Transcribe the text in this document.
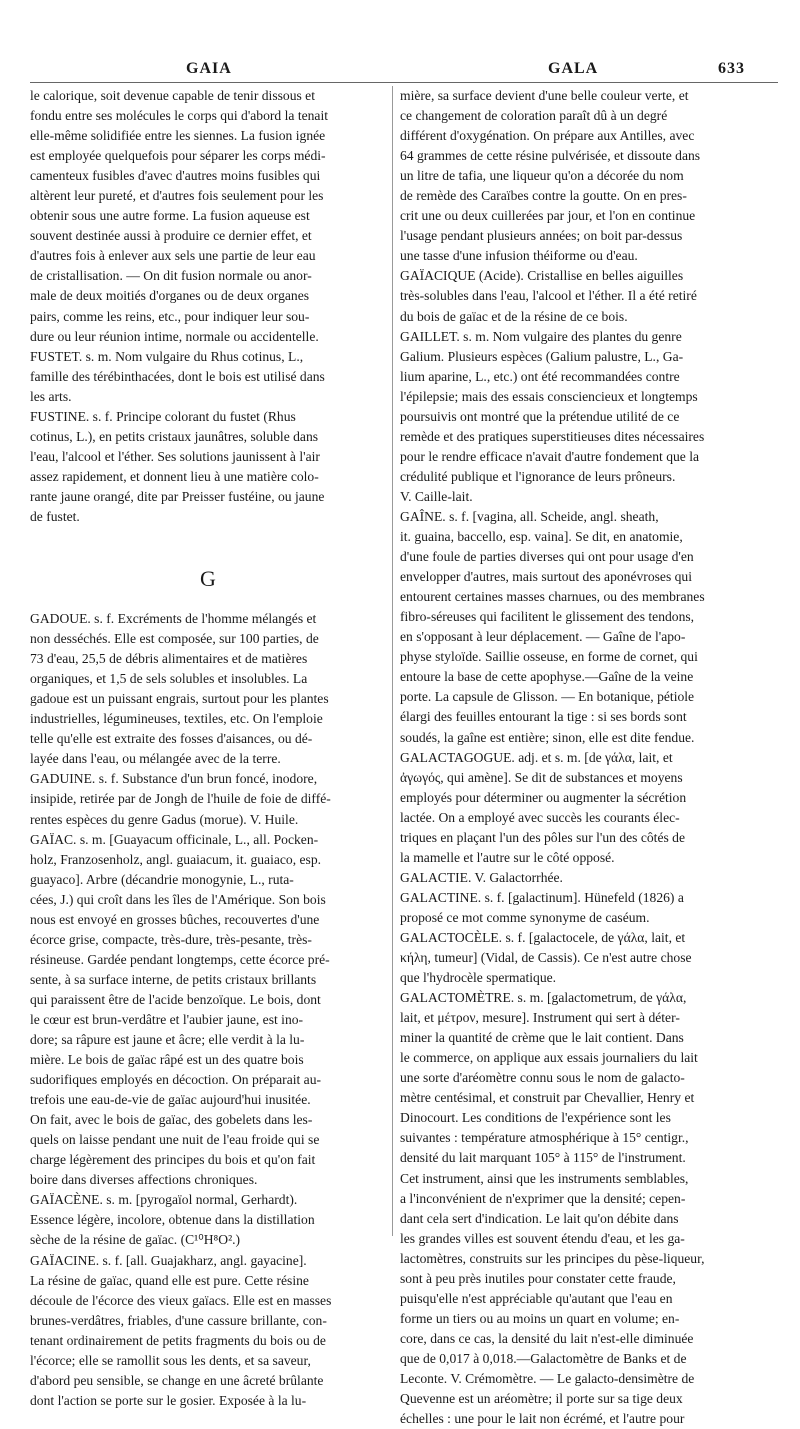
GAIA	GALA	633
le calorique, soit devenue capable de tenir dissous et
fondu entre ses molécules le corps qui d'abord la tenait
elle-même solidifiée entre les siennes. La fusion ignée
est employée quelquefois pour séparer les corps médi-
camenteux fusibles d'avec d'autres moins fusibles qui
altèrent leur pureté, et d'autres fois seulement pour les
obtenir sous une autre forme. La fusion aqueuse est
souvent destinée aussi à produire ce dernier effet, et
d'autres fois à enlever aux sels une partie de leur eau
de cristallisation. — On dit fusion normale ou anor-
male de deux moitiés d'organes ou de deux organes
pairs, comme les reins, etc., pour indiquer leur sou-
dure ou leur réunion intime, normale ou accidentelle.
FUSTET. s. m. Nom vulgaire du Rhus cotinus, L.,
famille des térébinthacées, dont le bois est utilisé dans
les arts.
FUSTINE. s. f. Principe colorant du fustet (Rhus
cotinus, L.), en petits cristaux jaunâtres, soluble dans
l'eau, l'alcool et l'éther. Ses solutions jaunissent à l'air
assez rapidement, et donnent lieu à une matière colo-
rante jaune orangé, dite par Preisser fustéine, ou jaune
de fustet.
G
GADOUE. s. f. Excréments de l'homme mélangés et
non desséchés. Elle est composée, sur 100 parties, de
73 d'eau, 25,5 de débris alimentaires et de matières
organiques, et 1,5 de sels solubles et insolubles. La
gadoue est un puissant engrais, surtout pour les plantes
industrielles, légumineuses, textiles, etc. On l'emploie
telle qu'elle est extraite des fosses d'aisances, ou dé-
layée dans l'eau, ou mélangée avec de la terre.
GADUINE. s. f. Substance d'un brun foncé, inodore,
insipide, retirée par de Jongh de l'huile de foie de diffé-
rentes espèces du genre Gadus (morue). V. Huile.
GAÏAC. s. m. [Guayacum officinale, L., all. Pocken-
holz, Franzosenholz, angl. guaiacum, it. guaiaco, esp.
guayaco]. Arbre (décandrie monogynie, L., ruta-
cées, J.) qui croît dans les îles de l'Amérique. Son bois
nous est envoyé en grosses bûches, recouvertes d'une
écorce grise, compacte, très-dure, très-pesante, très-
résineuse. Gardée pendant longtemps, cette écorce pré-
sente, à sa surface interne, de petits cristaux brillants
qui paraissent être de l'acide benzoïque. Le bois, dont
le cœur est brun-verdâtre et l'aubier jaune, est ino-
dore; sa râpure est jaune et âcre; elle verdit à la lu-
mière. Le bois de gaïac râpé est un des quatre bois
sudorifiques employés en décoction. On préparait au-
trefois une eau-de-vie de gaïac aujourd'hui inusitée.
On fait, avec le bois de gaïac, des gobelets dans les-
quels on laisse pendant une nuit de l'eau froide qui se
charge légèrement des principes du bois et qu'on fait
boire dans diverses affections chroniques.
GAÏACÈNE. s. m. [pyrogaïol normal, Gerhardt).
Essence légère, incolore, obtenue dans la distillation
sèche de la résine de gaïac. (C¹⁰H⁸O².)
GAÏACINE. s. f. [all. Guajakharz, angl. gayacine].
La résine de gaïac, quand elle est pure. Cette résine
découle de l'écorce des vieux gaïacs. Elle est en masses
brunes-verdâtres, friables, d'une cassure brillante, con-
tenant ordinairement de petits fragments du bois ou de
l'écorce; elle se ramollit sous les dents, et sa saveur,
d'abord peu sensible, se change en une âcreté brûlante
dont l'action se porte sur le gosier. Exposée à la lu-
mière, sa surface devient d'une belle couleur verte, et
ce changement de coloration paraît dû à un degré
différent d'oxygénation. On prépare aux Antilles, avec
64 grammes de cette résine pulvérisée, et dissoute dans
un litre de tafia, une liqueur qu'on a décorée du nom
de remède des Caraïbes contre la goutte. On en pres-
crit une ou deux cuillerées par jour, et l'on en continue
l'usage pendant plusieurs années; on boit par-dessus
une tasse d'une infusion théiforme ou d'eau.
GAÏACIQUE (Acide). Cristallise en belles aiguilles
très-solubles dans l'eau, l'alcool et l'éther. Il a été retiré
du bois de gaïac et de la résine de ce bois.
GAILLET. s. m. Nom vulgaire des plantes du genre
Galium. Plusieurs espèces (Galium palustre, L., Ga-
lium aparine, L., etc.) ont été recommandées contre
l'épilepsie; mais des essais consciencieux et longtemps
poursuivis ont montré que la prétendue utilité de ce
remède et des pratiques superstitieuses dites nécessaires
pour le rendre efficace n'avait d'autre fondement que la
crédulité publique et l'ignorance de leurs prôneurs.
V. Caille-lait.
GAÎNE. s. f. [vagina, all. Scheide, angl. sheath,
it. guaina, baccello, esp. vaina]. Se dit, en anatomie,
d'une foule de parties diverses qui ont pour usage d'en
envelopper d'autres, mais surtout des aponévroses qui
entourent certaines masses charnues, ou des membranes
fibro-séreuses qui facilitent le glissement des tendons,
en s'opposant à leur déplacement. — Gaîne de l'apo-
physe styloïde. Saillie osseuse, en forme de cornet, qui
entoure la base de cette apophyse.—Gaîne de la veine
porte. La capsule de Glisson. — En botanique, pétiole
élargi des feuilles entourant la tige : si ses bords sont
soudés, la gaîne est entière; sinon, elle est dite fendue.
GALACTAGOGUE. adj. et s. m. [de γάλα, lait, et
ἀγωγός, qui amène]. Se dit de substances et moyens
employés pour déterminer ou augmenter la sécrétion
lactée. On a employé avec succès les courants élec-
triques en plaçant l'un des pôles sur l'un des côtés de
la mamelle et l'autre sur le côté opposé.
GALACTIE. V. Galactorrhée.
GALACTINE. s. f. [galactinum]. Hünefeld (1826) a
proposé ce mot comme synonyme de caséum.
GALACTOCÈLE. s. f. [galactocele, de γάλα, lait, et
κήλη, tumeur] (Vidal, de Cassis). Ce n'est autre chose
que l'hydrocèle spermatique.
GALACTOMÈTRE. s. m. [galactometrum, de γάλα,
lait, et μέτρον, mesure]. Instrument qui sert à déter-
miner la quantité de crème que le lait contient. Dans
le commerce, on applique aux essais journaliers du lait
une sorte d'aréomètre connu sous le nom de galacto-
mètre centésimal, et construit par Chevallier, Henry et
Dinocourt. Les conditions de l'expérience sont les
suivantes : température atmosphérique à 15° centigr.,
densité du lait marquant 105° à 115° de l'instrument.
Cet instrument, ainsi que les instruments semblables,
a l'inconvénient de n'exprimer que la densité; cepen-
dant cela sert d'indication. Le lait qu'on débite dans
les grandes villes est souvent étendu d'eau, et les ga-
lactomètres, construits sur les principes du pèse-liqueur,
sont à peu près inutiles pour constater cette fraude,
puisqu'elle n'est appréciable qu'autant que l'eau en
forme un tiers ou au moins un quart en volume; en-
core, dans ce cas, la densité du lait n'est-elle diminuée
que de 0,017 à 0,018.—Galactomètre de Banks et de
Leconte. V. Crémomètre. — Le galacto-densimètre de
Quevenne est un aréomètre; il porte sur sa tige deux
échelles : une pour le lait non écrémé, et l'autre pour
